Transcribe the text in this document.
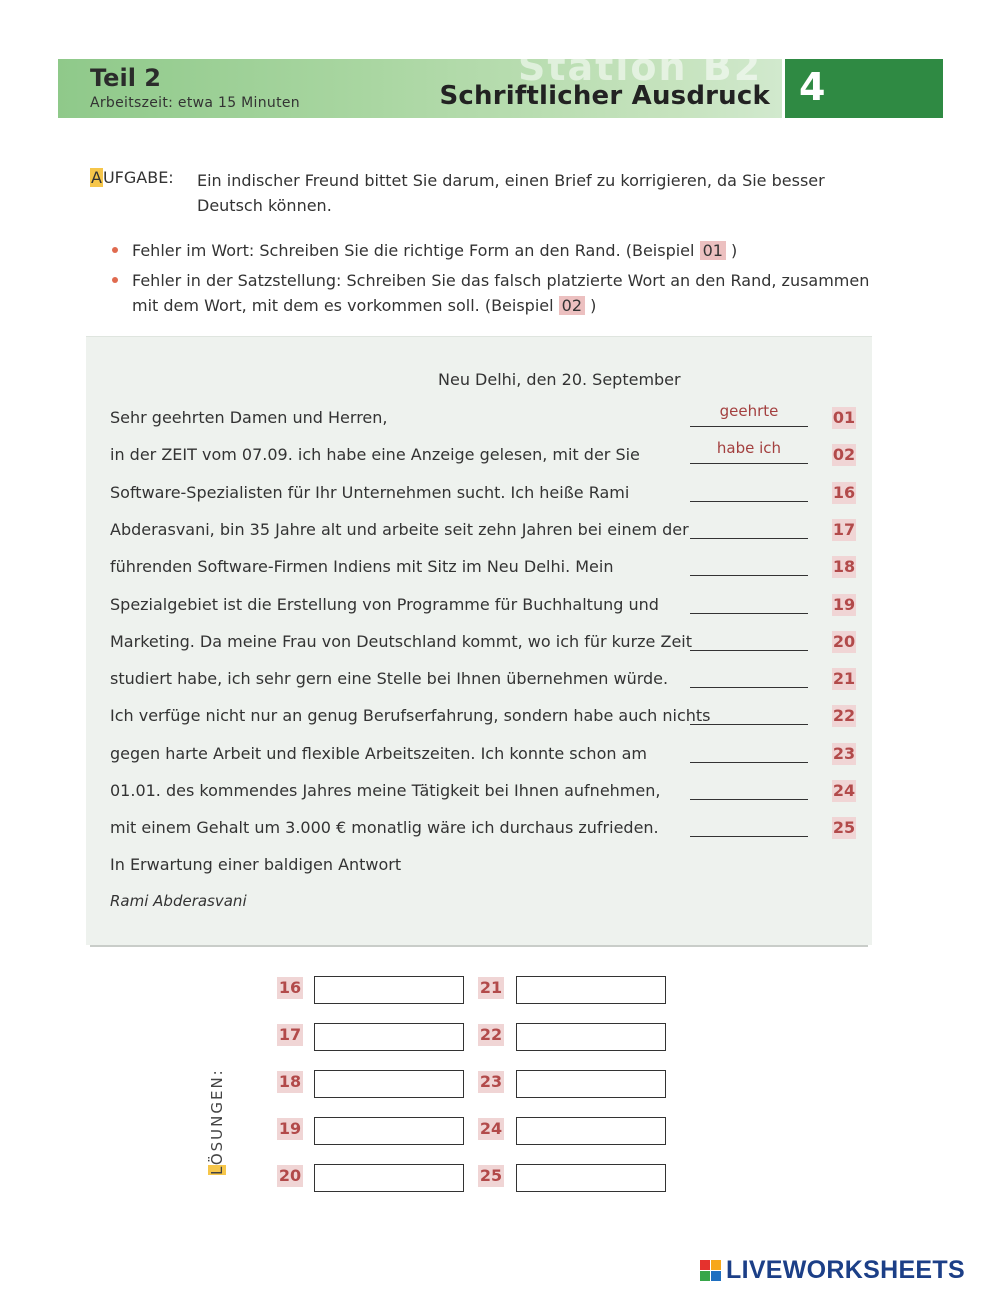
Station B2
Teil 2
Arbeitszeit: etwa 15 Minuten	Schriftlicher Ausdruck 4
AUFGABE: Ein indischer Freund bittet Sie darum, einen Brief zu korrigieren, da Sie besser Deutsch können.
Fehler im Wort: Schreiben Sie die richtige Form an den Rand. (Beispiel 01 )
Fehler in der Satzstellung: Schreiben Sie das falsch platzierte Wort an den Rand, zusammen mit dem Wort, mit dem es vorkommen soll. (Beispiel 02 )
Neu Delhi, den 20. September
Sehr geehrten Damen und Herren,	geehrte	01
in der ZEIT vom 07.09. ich habe eine Anzeige gelesen, mit der Sie	habe ich	02
Software-Spezialisten für Ihr Unternehmen sucht. Ich heiße Rami	16
Abderasvani, bin 35 Jahre alt und arbeite seit zehn Jahren bei einem der	17
führenden Software-Firmen Indiens mit Sitz im Neu Delhi. Mein	18
Spezialgebiet ist die Erstellung von Programme für Buchhaltung und	19
Marketing. Da meine Frau von Deutschland kommt, wo ich für kurze Zeit	20
studiert habe, ich sehr gern eine Stelle bei Ihnen übernehmen würde.	21
Ich verfüge nicht nur an genug Berufserfahrung, sondern habe auch nichts	22
gegen harte Arbeit und flexible Arbeitszeiten. Ich konnte schon am	23
01.01. des kommendes Jahres meine Tätigkeit bei Ihnen aufnehmen,	24
mit einem Gehalt um 3.000 € monatlig wäre ich durchaus zufrieden.	25
In Erwartung einer baldigen Antwort
Rami Abderasvani
LÖSUNGEN:
16
17
18
19
20
21
22
23
24
25
LIVEWORKSHEETS
